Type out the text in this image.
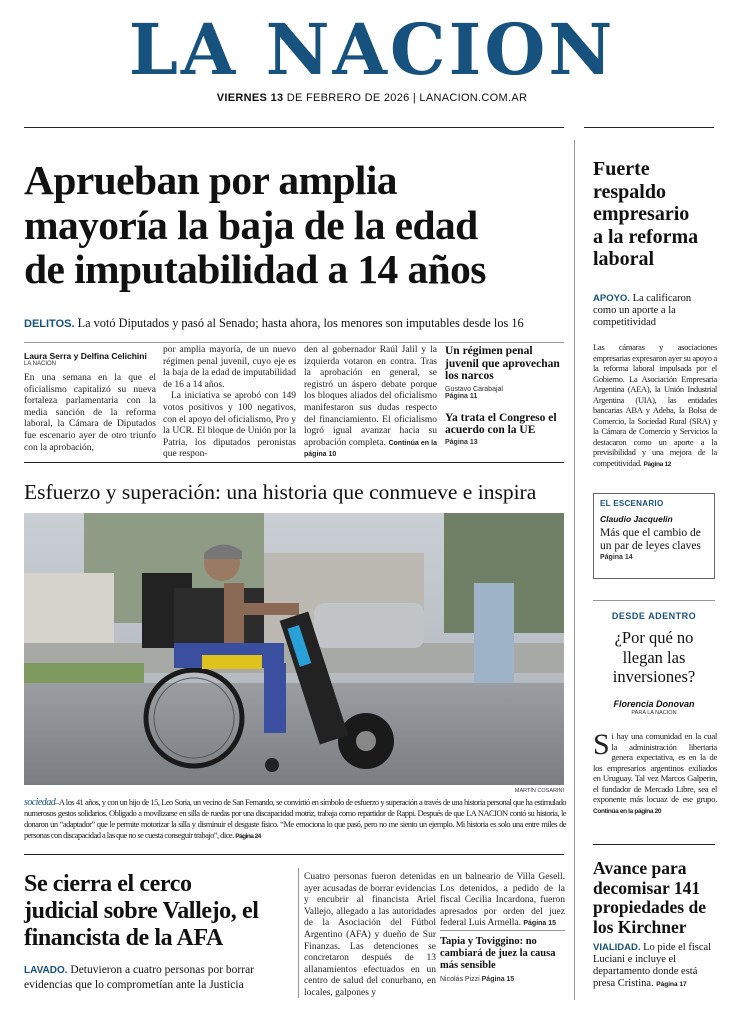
LA NACION
VIERNES 13 DE FEBRERO DE 2026 | LANACION.COM.AR
Aprueban por amplia
mayoría la baja de la edad
de imputabilidad a 14 años
DELITOS. La votó Diputados y pasó al Senado; hasta ahora, los menores son imputables desde los 16
Laura Serra y Delfina Celichini
LA NACION
En una semana en la que el oficialismo capitalizó su nueva fortaleza parlamentaria con la media sanción de la reforma laboral, la Cámara de Diputados fue escenario ayer de otro triunfo con la aprobación,
por amplia mayoría, de un nuevo régimen penal juvenil, cuyo eje es la baja de la edad de imputabilidad de 16 a 14 años.
La iniciativa se aprobó con 149 votos positivos y 100 negativos, con el apoyo del oficialismo, Pro y la UCR. El bloque de Unión por la Patria, los diputados peronistas que respon-
den al gobernador Raúl Jalil y la izquierda votaron en contra. Tras la aprobación en general, se registró un áspero debate porque los bloques aliados del oficialismo manifestaron sus dudas respecto del financiamiento. El oficialismo logró igual avanzar hacia su aprobación completa. Continúa en la página 10
Un régimen penal juvenil que aprovechan los narcos
Gustavo Carabajal
Página 11
Ya trata el Congreso el acuerdo con la UE
Página 13
Esfuerzo y superación: una historia que conmueve e inspira
MARTÍN COSARINI
sociedad–A los 41 años, y con un hijo de 15, Leo Soria, un vecino de San Fernando, se convirtió en símbolo de esfuerzo y superación a través de una historia personal que ha estimulado numerosos gestos solidarios. Obligado a movilizarse en silla de ruedas por una discapacidad motriz, trabaja como repartidor de Rappi. Después de que LA NACION contó su historia, le donaron un “adaptador” que le permite motorizar la silla y disminuir el desgaste físico. “Me emociona lo que pasó, pero no me siento un ejemplo. Mi historia es solo una entre miles de personas con discapacidad a las que no se cuesta conseguir trabajo”, dice. Página 24
Se cierra el cerco
judicial sobre Vallejo, el
financista de la AFA
LAVADO. Detuvieron a cuatro personas por borrar evidencias que lo comprometían ante la Justicia
Cuatro personas fueron detenidas ayer acusadas de borrar evidencias y encubrir al financista Ariel Vallejo, allegado a las autoridades de la Asociación del Fútbol Argentino (AFA) y dueño de Sur Finanzas. Las detenciones se concretaron después de 13 allanamientos efectuados en un centro de salud del conurbano, en locales, galpones y
en un balneario de Villa Gesell. Los detenidos, a pedido de la fiscal Cecilia Incardona, fueron apresados por orden del juez federal Luis Armella. Página 15
Tapia y Toviggino: no cambiará de juez la causa más sensible
Nicolás Pizzi Página 15
Fuerte
respaldo
empresario
a la reforma
laboral
APOYO. La calificaron como un aporte a la competitividad
Las cámaras y asociaciones empresarias expresaron ayer su apoyo a la reforma laboral impulsada por el Gobierno. La Asociación Empresaria Argentina (AEA), la Unión Industrial Argentina (UIA), las entidades bancarias ABA y Adeba, la Bolsa de Comercio, la Sociedad Rural (SRA) y la Cámara de Comercio y Servicios la destacaron como un aporte a la previsibilidad y una mejora de la competitividad. Página 12
EL ESCENARIO
Claudio Jacquelin
Más que el cambio de un par de leyes claves
Página 14
DESDE ADENTRO
¿Por qué no llegan las inversiones?
Florencia Donovan
PARA LA NACION
Si hay una comunidad en la cual la administración libertaria genera expectativa, es en la de los empresarios argentinos exiliados en Uruguay. Tal vez Marcos Galperin, el fundador de Mercado Libre, sea el exponente más locuaz de ese grupo. Continúa en la página 20
Avance para
decomisar 141
propiedades de
los Kirchner
VIALIDAD. Lo pide el fiscal Luciani e incluye el departamento donde está presa Cristina. Página 17
